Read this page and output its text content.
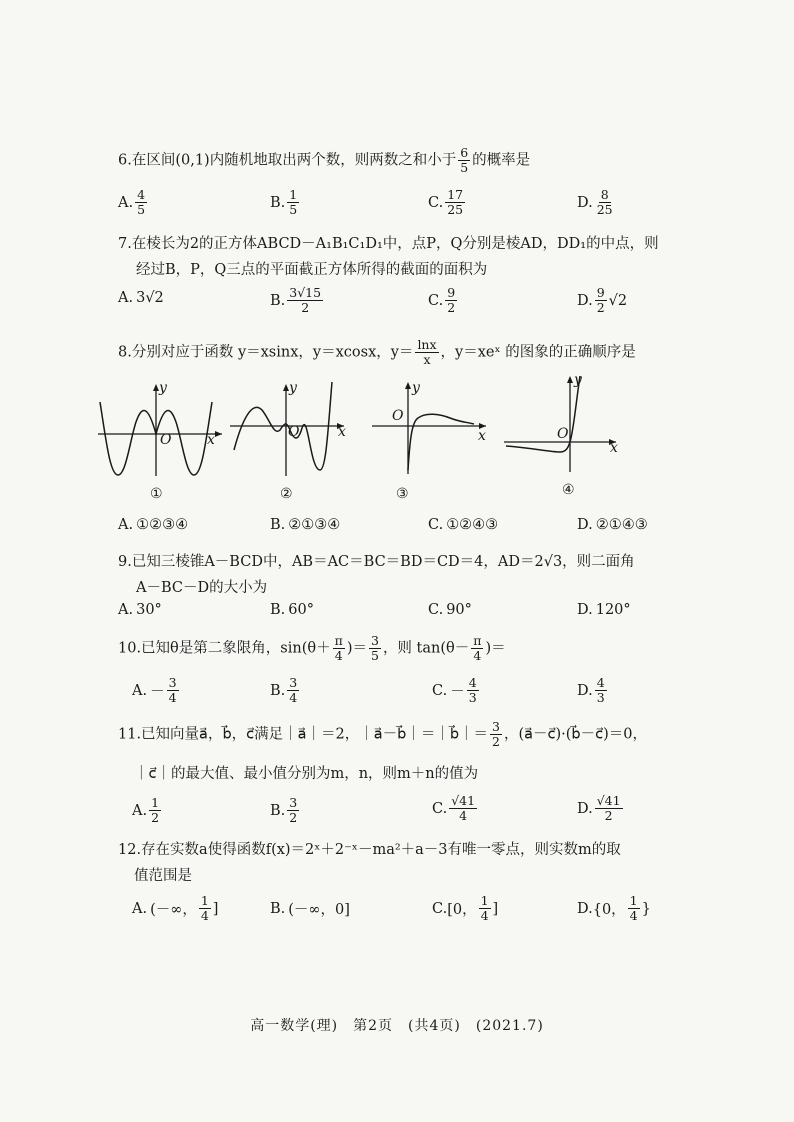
6.在区间(0,1)内随机地取出两个数，则两数之和小于 $\frac{6}{5}$ 的概率是
A. $\frac{4}{5}$	B. $\frac{1}{5}$	C. $\frac{17}{25}$	D. $\frac{8}{25}$
7.在棱长为2的正方体ABCD－A₁B₁C₁D₁中，点P，Q分别是棱AD，DD₁的中点，则
经过B，P，Q三点的平面截正方体所得的截面的面积为
A. 3√2	B. $\frac{3√15}{2}$	C. $\frac{9}{2}$	D. $\frac{9}{2} √2$
8.分别对应于函数 y＝xsinx，y＝xcosx，$y= \frac{\ln x}{x}$ ，y＝xeˣ 的图象的正确顺序是
y
x
O
①
y
x
O
②
y
x
O
③
y
x
O
④
A. ①②③④	B. ②①③④	C. ①②④③	D. ②①④③
9.已知三棱锥A－BCD中，AB＝AC＝BC＝BD＝CD＝4，AD＝2√3，则二面角
A－BC－D的大小为
A. 30°	B. 60°	C. 90°	D. 120°
10.已知θ是第二象限角，$\sin(\theta+ \frac{\pi}{4}$ )＝ $\frac{3}{5}$ ，则 $\tan(\theta- \frac{\pi}{4}$ )＝
A. － $\frac{3}{4}$	B. $\frac{3}{4}$	C. － $\frac{4}{3}$	D. $\frac{4}{3}$
11.已知向量a⃗，b⃗，c⃗满足｜a⃗｜＝2，｜a⃗－b⃗｜＝｜b⃗｜＝ $\frac{3}{2}$ ，(a⃗－c⃗)·(b⃗－c⃗)＝0，
｜c⃗｜的最大值、最小值分别为m，n，则m＋n的值为
A. $\frac{1}{2}$	B. $\frac{3}{2}$	C. $\frac{√41}{4}$	D. $\frac{√41}{2}$
12.存在实数a使得函数f(x)＝2ˣ＋2⁻ˣ－ma²＋a－3有唯一零点，则实数m的取
值范围是
A. (－∞， $\frac{1}{4}$ ]	B. (－∞，0]	C. [0， $\frac{1}{4}$ ]	D. {0， $\frac{1}{4}$ }
高一数学(理)　第2页　(共4页)　(2021.7)
